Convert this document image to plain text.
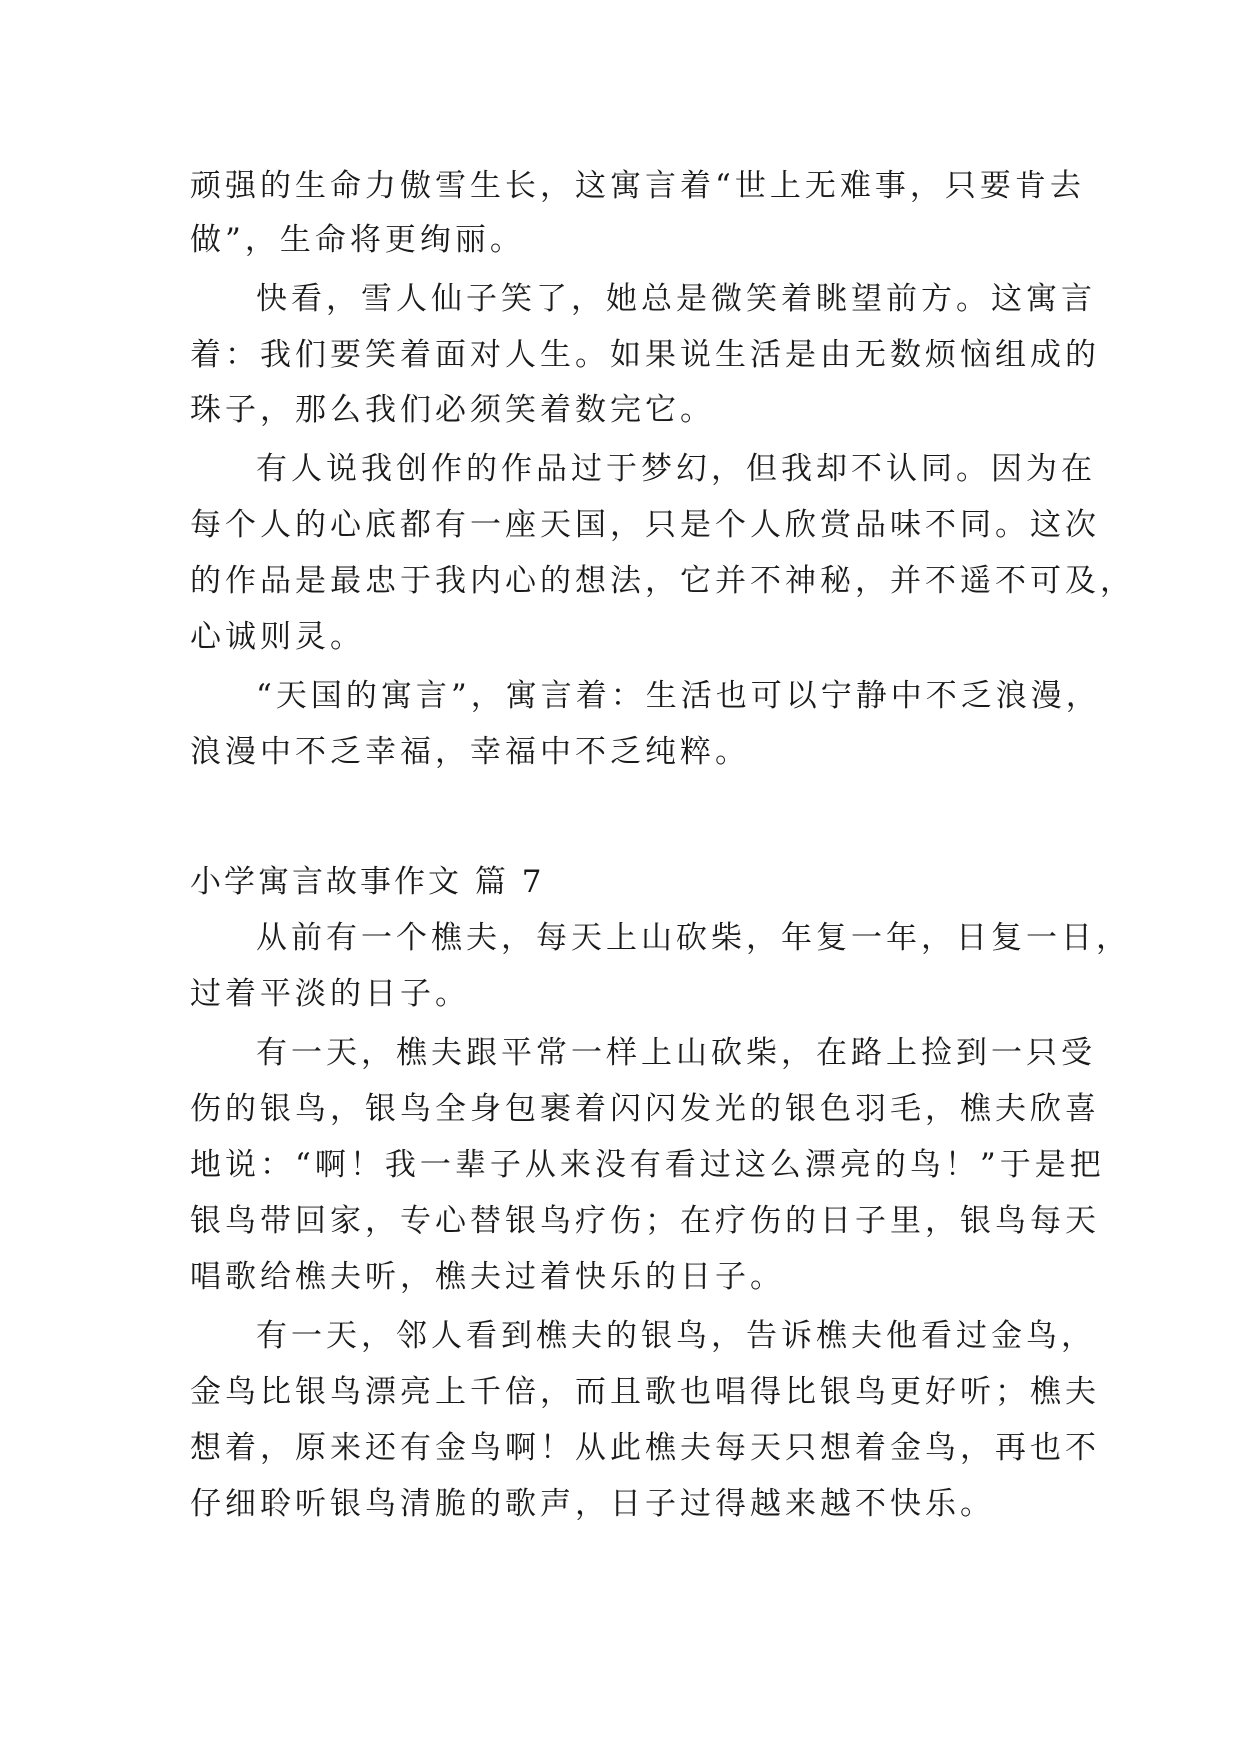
顽强的生命力傲雪生长，这寓言着“世上无难事，只要肯去
做”，生命将更绚丽。
快看，雪人仙子笑了，她总是微笑着眺望前方。这寓言
着：我们要笑着面对人生。如果说生活是由无数烦恼组成的
珠子，那么我们必须笑着数完它。
有人说我创作的作品过于梦幻，但我却不认同。因为在
每个人的心底都有一座天国，只是个人欣赏品味不同。这次
的作品是最忠于我内心的想法，它并不神秘，并不遥不可及，
心诚则灵。
“天国的寓言”，寓言着：生活也可以宁静中不乏浪漫，
浪漫中不乏幸福，幸福中不乏纯粹。
小学寓言故事作文 篇 7
从前有一个樵夫，每天上山砍柴，年复一年，日复一日，
过着平淡的日子。
有一天，樵夫跟平常一样上山砍柴，在路上捡到一只受
伤的银鸟，银鸟全身包裹着闪闪发光的银色羽毛，樵夫欣喜
地说：“啊！我一辈子从来没有看过这么漂亮的鸟！”于是把
银鸟带回家，专心替银鸟疗伤；在疗伤的日子里，银鸟每天
唱歌给樵夫听，樵夫过着快乐的日子。
有一天，邻人看到樵夫的银鸟，告诉樵夫他看过金鸟，
金鸟比银鸟漂亮上千倍，而且歌也唱得比银鸟更好听；樵夫
想着，原来还有金鸟啊！从此樵夫每天只想着金鸟，再也不
仔细聆听银鸟清脆的歌声，日子过得越来越不快乐。
